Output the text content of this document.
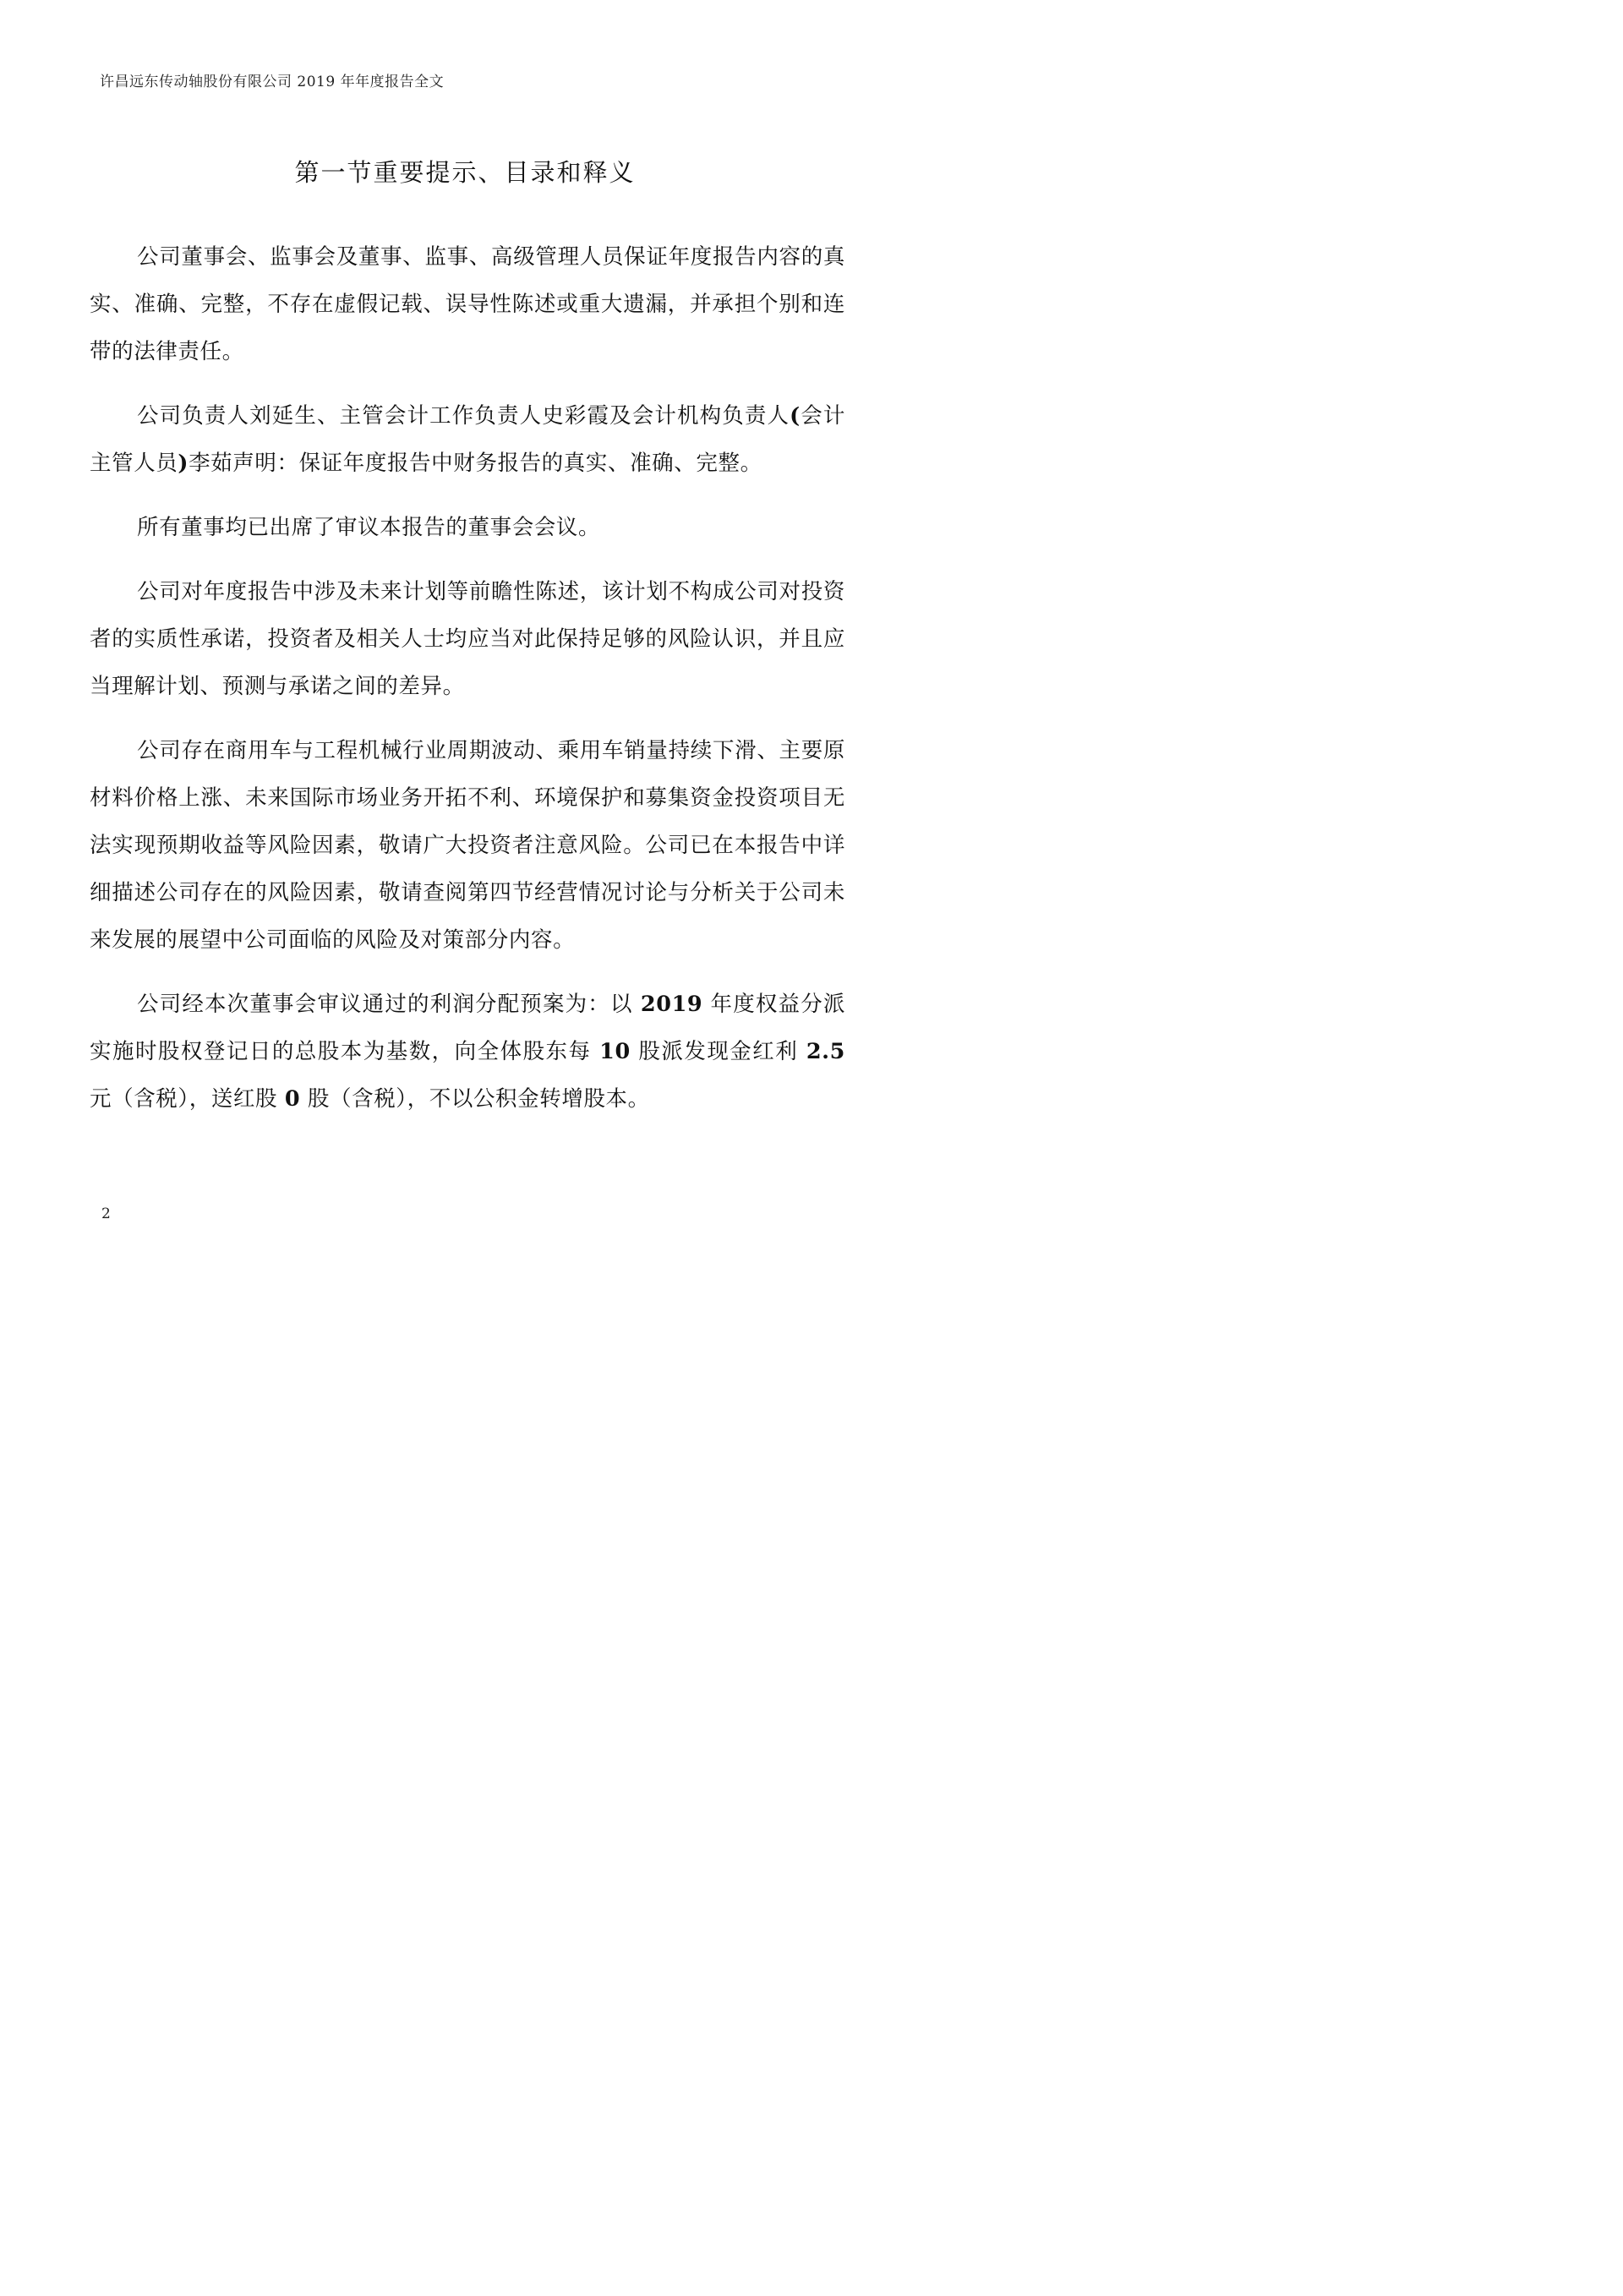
许昌远东传动轴股份有限公司 2019 年年度报告全文
第一节重要提示、目录和释义

公司董事会、监事会及董事、监事、高级管理人员保证年度报告内容的真实、准确、完整，不存在虚假记载、误导性陈述或重大遗漏，并承担个别和连带的法律责任。

公司负责人刘延生、主管会计工作负责人史彩霞及会计机构负责人(会计主管人员)李茹声明：保证年度报告中财务报告的真实、准确、完整。

所有董事均已出席了审议本报告的董事会会议。

公司对年度报告中涉及未来计划等前瞻性陈述，该计划不构成公司对投资者的实质性承诺，投资者及相关人士均应当对此保持足够的风险认识，并且应当理解计划、预测与承诺之间的差异。

公司存在商用车与工程机械行业周期波动、乘用车销量持续下滑、主要原材料价格上涨、未来国际市场业务开拓不利、环境保护和募集资金投资项目无法实现预期收益等风险因素，敬请广大投资者注意风险。公司已在本报告中详细描述公司存在的风险因素，敬请查阅第四节经营情况讨论与分析关于公司未来发展的展望中公司面临的风险及对策部分内容。

公司经本次董事会审议通过的利润分配预案为：以 2019 年度权益分派实施时股权登记日的总股本为基数，向全体股东每 10 股派发现金红利 2.5 元（含税），送红股 0 股（含税），不以公积金转增股本。

2
